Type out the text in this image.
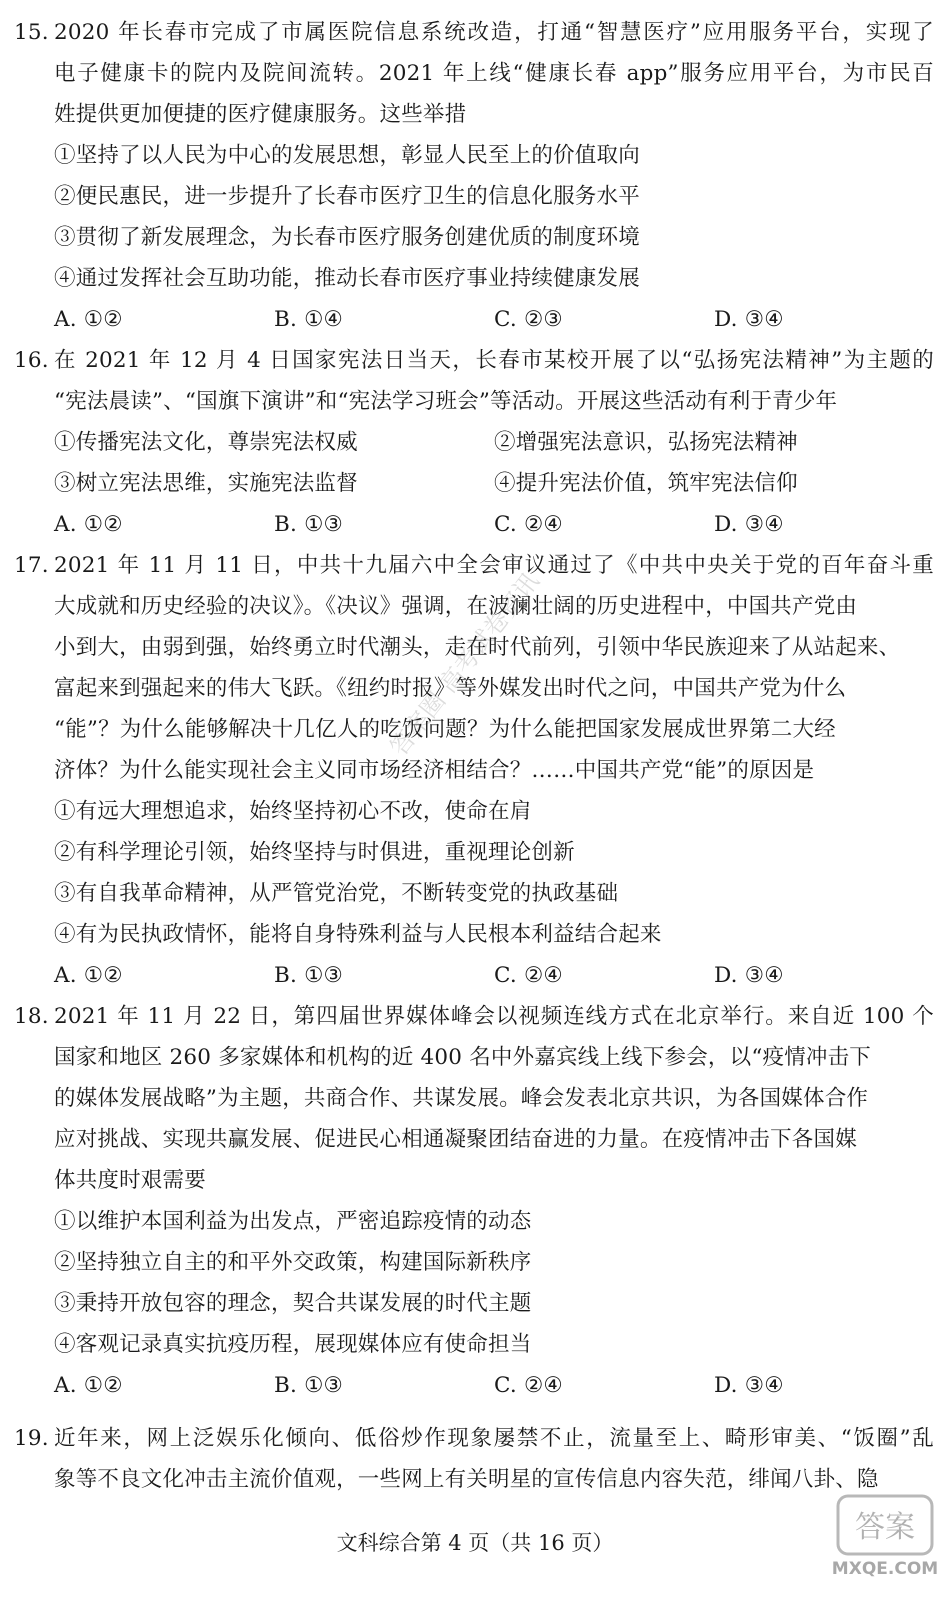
15. 2020 年长春市完成了市属医院信息系统改造，打通“智慧医疗”应用服务平台，实现了
电子健康卡的院内及院间流转。2021 年上线“健康长春 app”服务应用平台，为市民百
姓提供更加便捷的医疗健康服务。这些举措
①坚持了以人民为中心的发展思想，彰显人民至上的价值取向
②便民惠民，进一步提升了长春市医疗卫生的信息化服务水平
③贯彻了新发展理念，为长春市医疗服务创建优质的制度环境
④通过发挥社会互助功能，推动长春市医疗事业持续健康发展
A. ①②	B. ①④	C. ②③	D. ③④
16. 在 2021 年 12 月 4 日国家宪法日当天，长春市某校开展了以“弘扬宪法精神”为主题的
“宪法晨读”、“国旗下演讲”和“宪法学习班会”等活动。开展这些活动有利于青少年
①传播宪法文化，尊崇宪法权威	②增强宪法意识，弘扬宪法精神
③树立宪法思维，实施宪法监督	④提升宪法价值，筑牢宪法信仰
A. ①②	B. ①③	C. ②④	D. ③④
17. 2021 年 11 月 11 日，中共十九届六中全会审议通过了《中共中央关于党的百年奋斗重
大成就和历史经验的决议》。《决议》强调，在波澜壮阔的历史进程中，中国共产党由
小到大，由弱到强，始终勇立时代潮头，走在时代前列，引领中华民族迎来了从站起来、
富起来到强起来的伟大飞跃。《纽约时报》等外媒发出时代之问，中国共产党为什么
“能”？为什么能够解决十几亿人的吃饭问题？为什么能把国家发展成世界第二大经
济体？为什么能实现社会主义同市场经济相结合？……中国共产党“能”的原因是
①有远大理想追求，始终坚持初心不改，使命在肩
②有科学理论引领，始终坚持与时俱进，重视理论创新
③有自我革命精神，从严管党治党，不断转变党的执政基础
④有为民执政情怀，能将自身特殊利益与人民根本利益结合起来
A. ①②	B. ①③	C. ②④	D. ③④
18. 2021 年 11 月 22 日，第四届世界媒体峰会以视频连线方式在北京举行。来自近 100 个
国家和地区 260 多家媒体和机构的近 400 名中外嘉宾线上线下参会，以“疫情冲击下
的媒体发展战略”为主题，共商合作、共谋发展。峰会发表北京共识，为各国媒体合作
应对挑战、实现共赢发展、促进民心相通凝聚团结奋进的力量。在疫情冲击下各国媒
体共度时艰需要
①以维护本国利益为出发点，严密追踪疫情的动态
②坚持独立自主的和平外交政策，构建国际新秩序
③秉持开放包容的理念，契合共谋发展的时代主题
④客观记录真实抗疫历程，展现媒体应有使命担当
A. ①②	B. ①③	C. ②④	D. ③④
19. 近年来，网上泛娱乐化倾向、低俗炒作现象屡禁不止，流量至上、畸形审美、“饭圈”乱
象等不良文化冲击主流价值观，一些网上有关明星的宣传信息内容失范，绯闻八卦、隐
答案圈 高考试卷资讯
文科综合第 4 页（共 16 页）	答案
MXQE.COM
